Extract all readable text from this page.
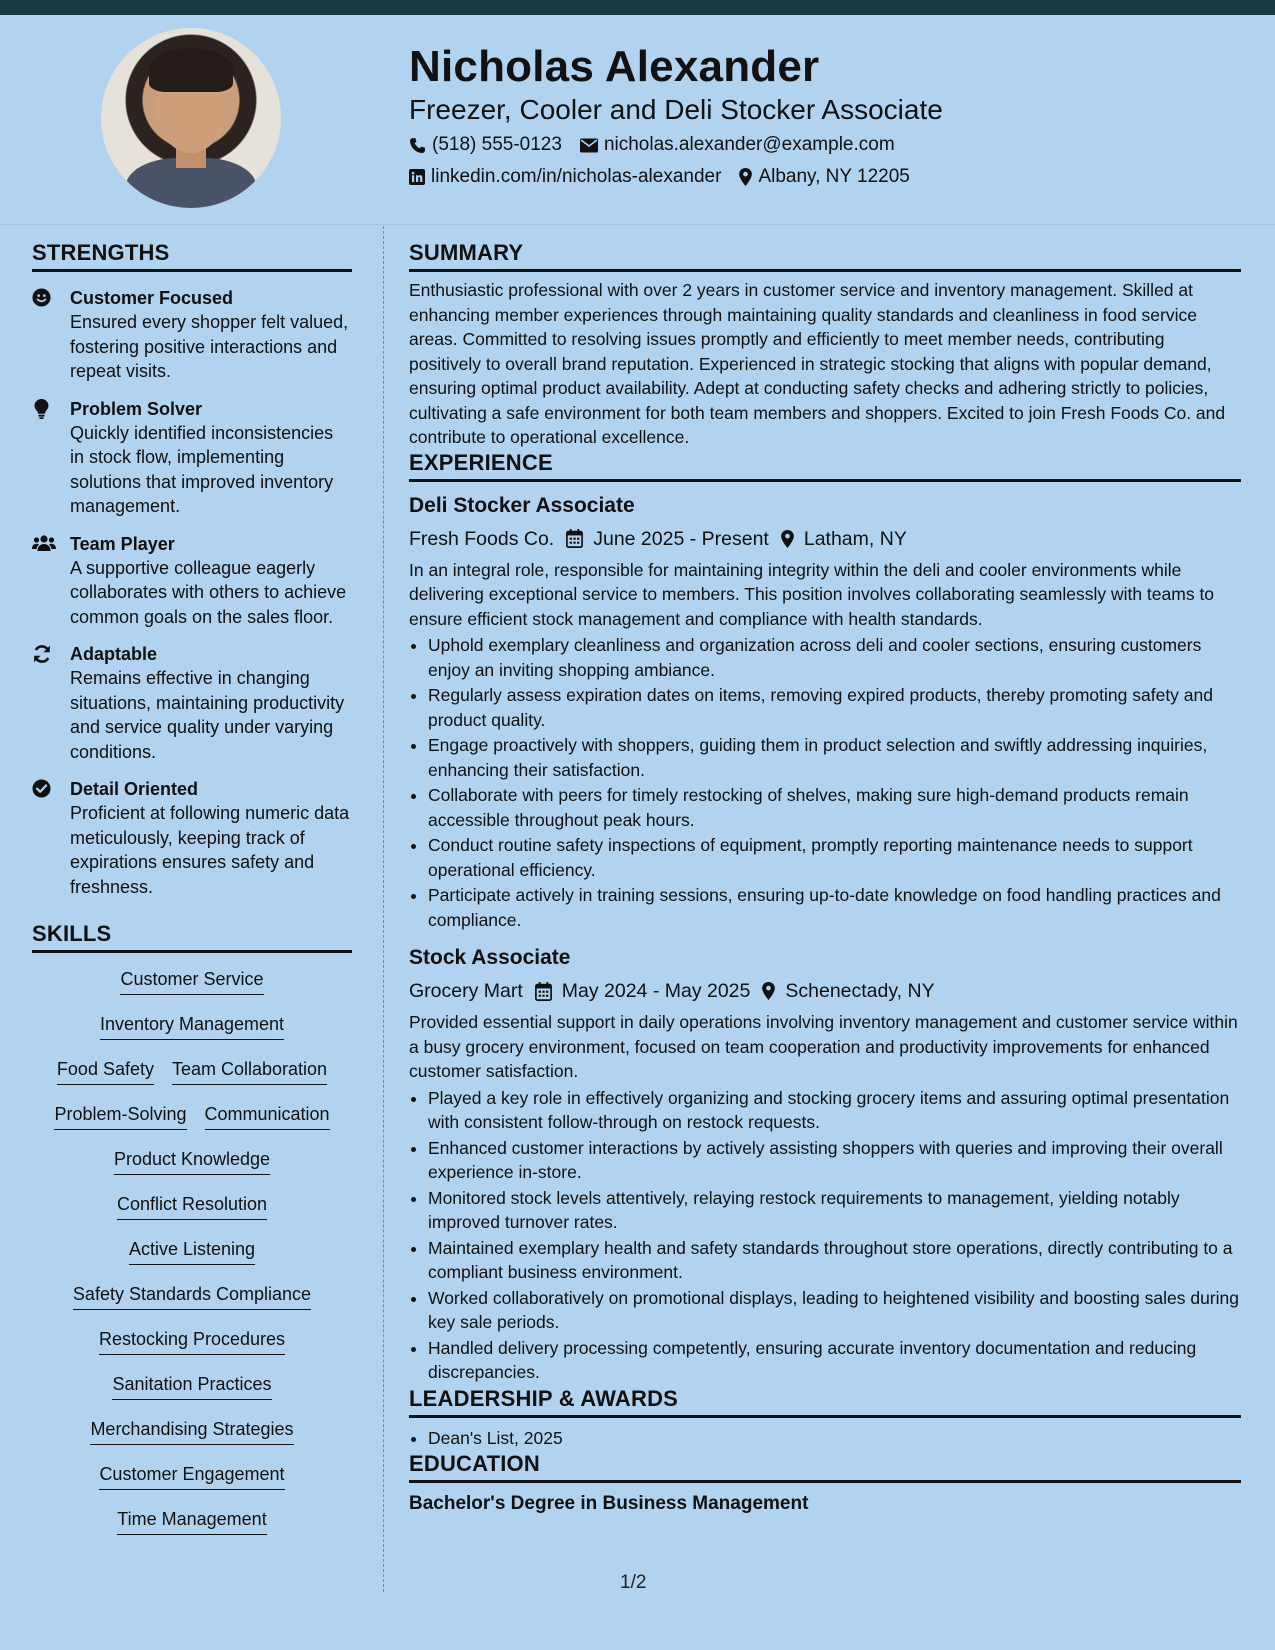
Nicholas Alexander
Freezer, Cooler and Deli Stocker Associate
(518) 555-0123 nicholas.alexander@example.com
linkedin.com/in/nicholas-alexander Albany, NY 12205
STRENGTHS
Customer Focused
Ensured every shopper felt valued, fostering positive interactions and repeat visits.
Problem Solver
Quickly identified inconsistencies in stock flow, implementing solutions that improved inventory management.
Team Player
A supportive colleague eagerly collaborates with others to achieve common goals on the sales floor.
Adaptable
Remains effective in changing situations, maintaining productivity and service quality under varying conditions.
Detail Oriented
Proficient at following numeric data meticulously, keeping track of expirations ensures safety and freshness.
SKILLS
Customer Service
Inventory Management
Food Safety Team Collaboration
Problem-Solving Communication
Product Knowledge
Conflict Resolution
Active Listening
Safety Standards Compliance
Restocking Procedures
Sanitation Practices
Merchandising Strategies
Customer Engagement
Time Management
SUMMARY

Enthusiastic professional with over 2 years in customer service and inventory management. Skilled at enhancing member experiences through maintaining quality standards and cleanliness in food service areas. Committed to resolving issues promptly and efficiently to meet member needs, contributing positively to overall brand reputation. Experienced in strategic stocking that aligns with popular demand, ensuring optimal product availability. Adept at conducting safety checks and adhering strictly to policies, cultivating a safe environment for both team members and shoppers. Excited to join Fresh Foods Co. and contribute to operational excellence.

EXPERIENCE
Deli Stocker Associate
Fresh Foods Co. June 2025 - Present Latham, NY

In an integral role, responsible for maintaining integrity within the deli and cooler environments while delivering exceptional service to members. This position involves collaborating seamlessly with teams to ensure efficient stock management and compliance with health standards.

• Uphold exemplary cleanliness and organization across deli and cooler sections, ensuring customers enjoy an inviting shopping ambiance.
• Regularly assess expiration dates on items, removing expired products, thereby promoting safety and product quality.
• Engage proactively with shoppers, guiding them in product selection and swiftly addressing inquiries, enhancing their satisfaction.
• Collaborate with peers for timely restocking of shelves, making sure high-demand products remain accessible throughout peak hours.
• Conduct routine safety inspections of equipment, promptly reporting maintenance needs to support operational efficiency.
• Participate actively in training sessions, ensuring up-to-date knowledge on food handling practices and compliance.
Stock Associate
Grocery Mart May 2024 - May 2025 Schenectady, NY

Provided essential support in daily operations involving inventory management and customer service within a busy grocery environment, focused on team cooperation and productivity improvements for enhanced customer satisfaction.

• Played a key role in effectively organizing and stocking grocery items and assuring optimal presentation with consistent follow-through on restock requests.
• Enhanced customer interactions by actively assisting shoppers with queries and improving their overall experience in-store.
• Monitored stock levels attentively, relaying restock requirements to management, yielding notably improved turnover rates.
• Maintained exemplary health and safety standards throughout store operations, directly contributing to a compliant business environment.
• Worked collaboratively on promotional displays, leading to heightened visibility and boosting sales during key sale periods.
• Handled delivery processing competently, ensuring accurate inventory documentation and reducing discrepancies.
LEADERSHIP & AWARDS
• Dean's List, 2025
EDUCATION
Bachelor's Degree in Business Management
1/2
